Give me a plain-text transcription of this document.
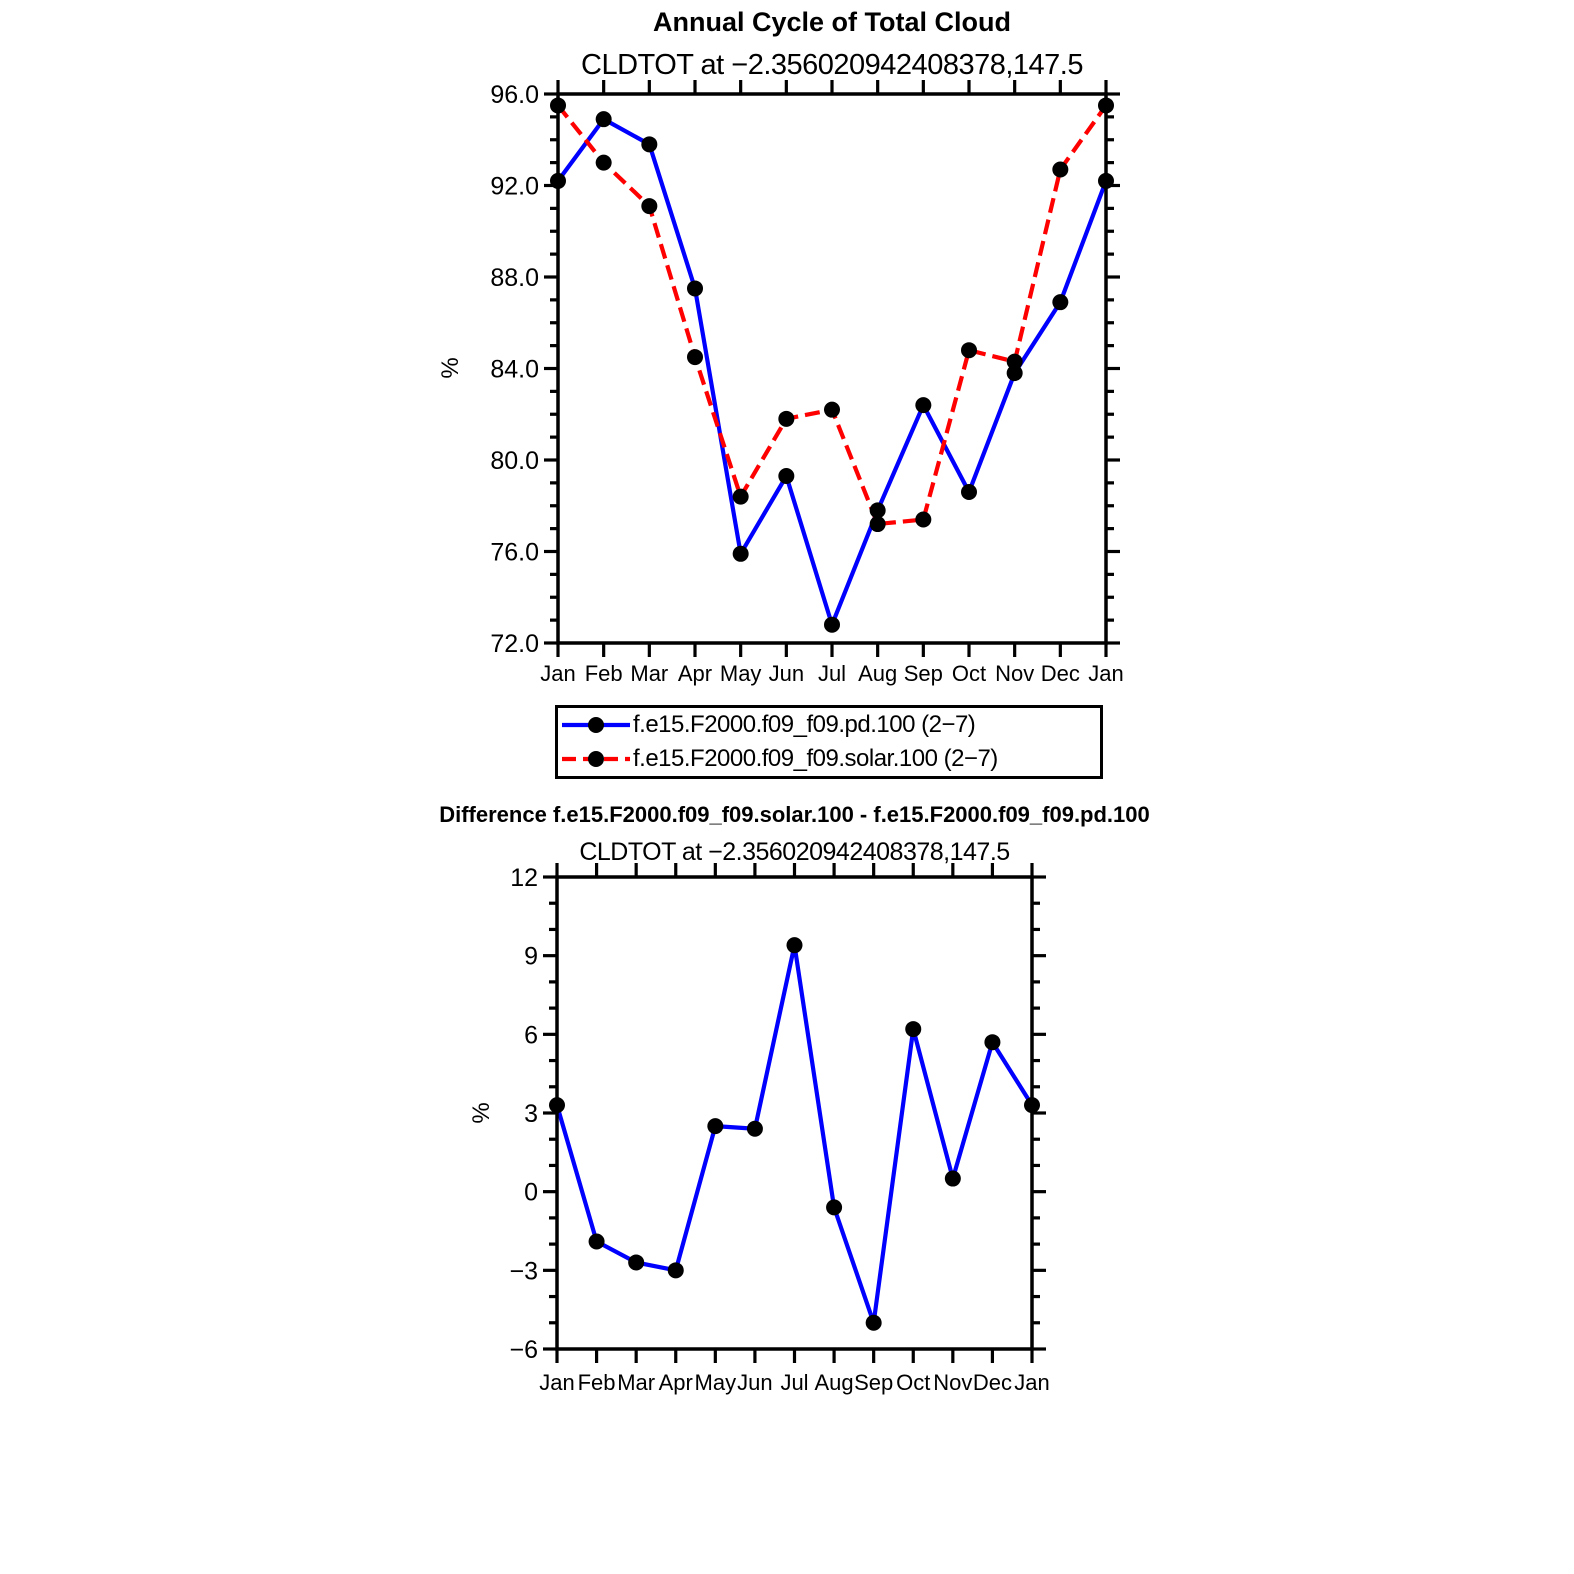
Jan Feb Mar Apr May Jun Jul Aug Sep Oct Nov Dec Jan
96.0
92.0
88.0
84.0
80.0
76.0
72.0
%
Jan Feb Mar Apr May Jun Jul Aug Sep Oct Nov Dec Jan
12
9
6
3
0
−3
−6
%
Annual Cycle of Total Cloud
CLDTOT at −2.356020942408378,147.5
f.e15.F2000.f09_f09.pd.100 (2−7)
f.e15.F2000.f09_f09.solar.100 (2−7)
Difference f.e15.F2000.f09_f09.solar.100 - f.e15.F2000.f09_f09.pd.100
CLDTOT at −2.356020942408378,147.5
